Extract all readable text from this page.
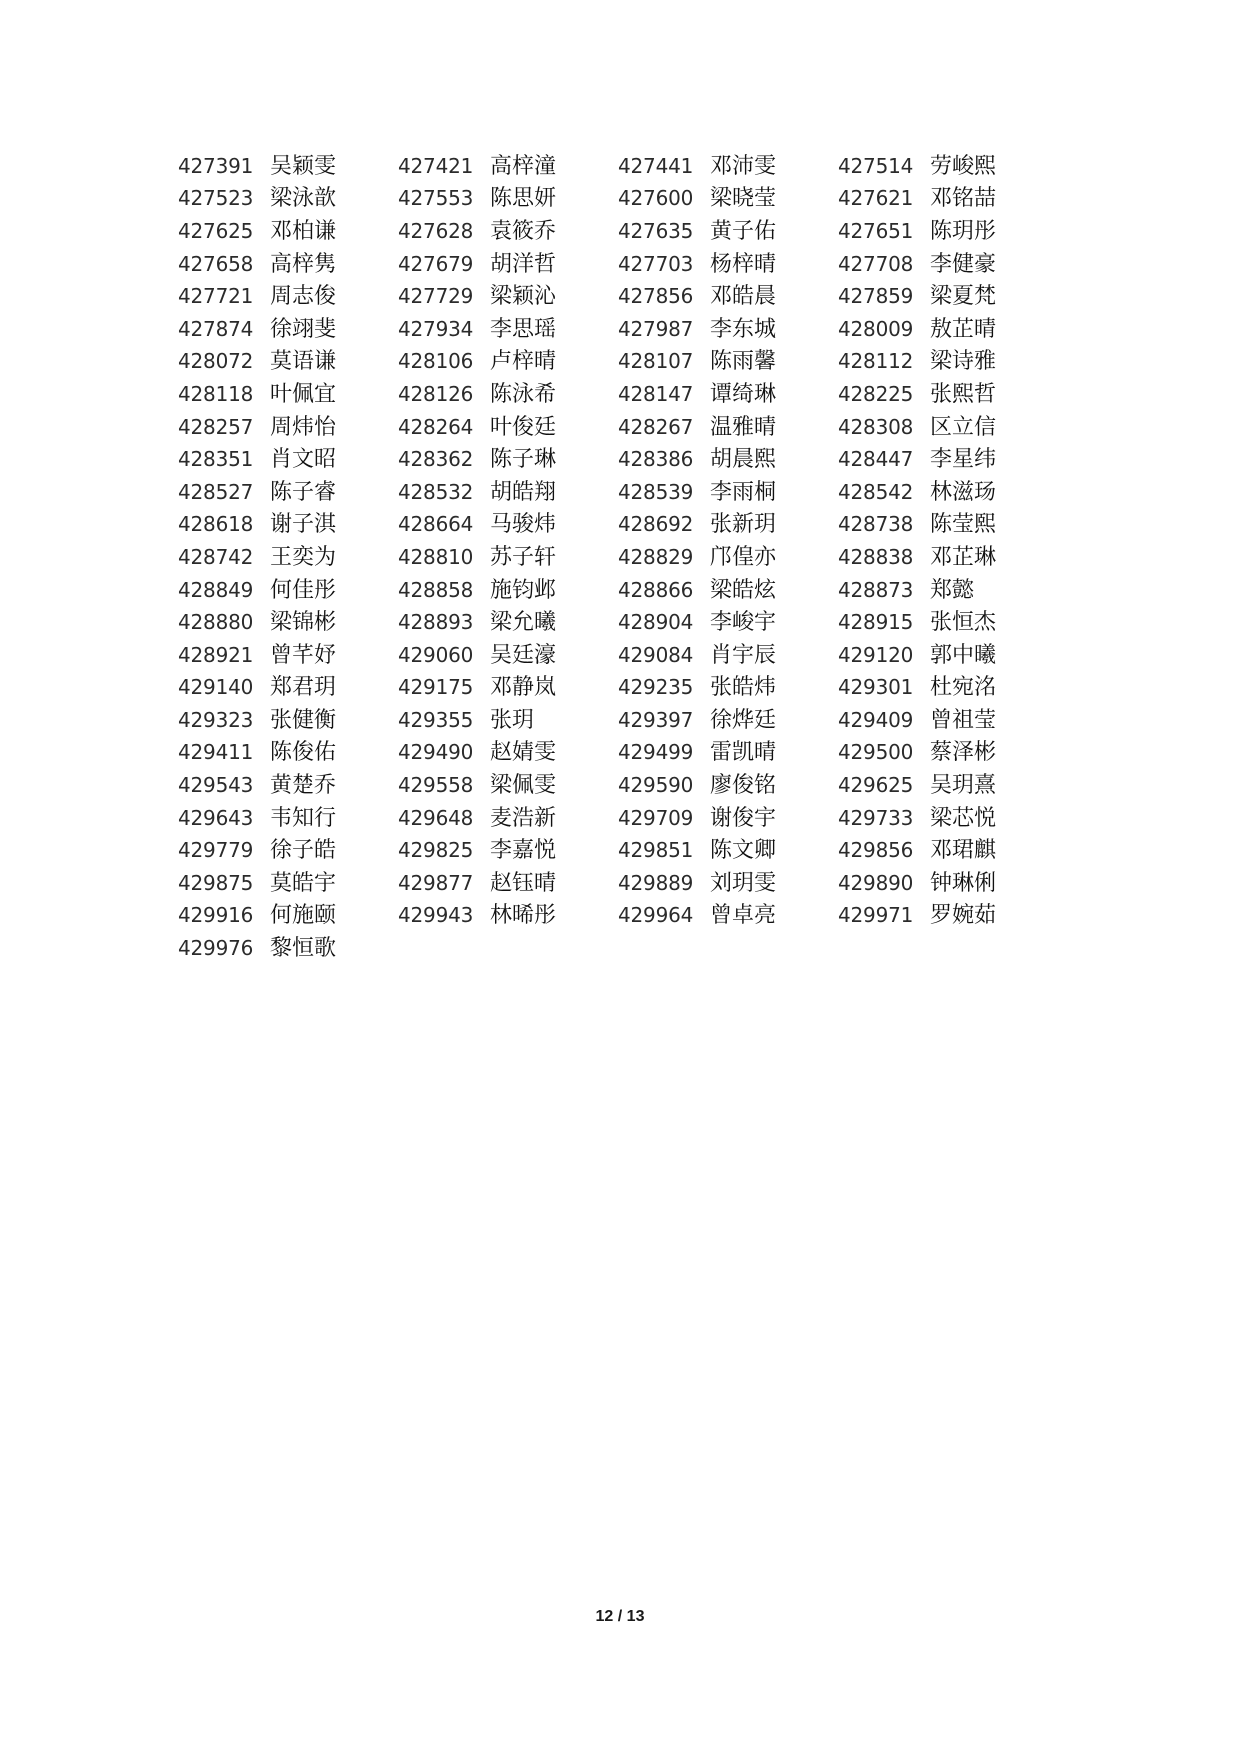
427391 吴颖雯	427421 高梓潼	427441 邓沛雯	427514 劳峻熙
427523 梁泳歆	427553 陈思妍	427600 梁晓莹	427621 邓铭喆
427625 邓柏谦	427628 袁筱乔	427635 黄子佑	427651 陈玥彤
427658 高梓隽	427679 胡洋哲	427703 杨梓晴	427708 李健豪
427721 周志俊	427729 梁颖沁	427856 邓皓晨	427859 梁夏梵
427874 徐翊斐	427934 李思瑶	427987 李东城	428009 敖芷晴
428072 莫语谦	428106 卢梓晴	428107 陈雨馨	428112 梁诗雅
428118 叶佩宜	428126 陈泳希	428147 谭绮琳	428225 张熙哲
428257 周炜怡	428264 叶俊廷	428267 温雅晴	428308 区立信
428351 肖文昭	428362 陈子琳	428386 胡晨熙	428447 李星纬
428527 陈子睿	428532 胡皓翔	428539 李雨桐	428542 林滋玚
428618 谢子淇	428664 马骏炜	428692 张新玥	428738 陈莹熙
428742 王奕为	428810 苏子轩	428829 邝偟亦	428838 邓芷琳
428849 何佳彤	428858 施钧邺	428866 梁皓炫	428873 郑懿
428880 梁锦彬	428893 梁允曦	428904 李峻宇	428915 张恒杰
428921 曾芊妤	429060 吴廷濠	429084 肖宇辰	429120 郭中曦
429140 郑君玥	429175 邓静岚	429235 张皓炜	429301 杜宛洺
429323 张健衡	429355 张玥	429397 徐烨廷	429409 曾祖莹
429411 陈俊佑	429490 赵婧雯	429499 雷凯晴	429500 蔡泽彬
429543 黄楚乔	429558 梁佩雯	429590 廖俊铭	429625 吴玥熹
429643 韦知行	429648 麦浩新	429709 谢俊宇	429733 梁芯悦
429779 徐子皓	429825 李嘉悦	429851 陈文卿	429856 邓珺麒
429875 莫皓宇	429877 赵钰晴	429889 刘玥雯	429890 钟琳俐
429916 何施颐	429943 林晞彤	429964 曾卓亮	429971 罗婉茹
429976 黎恒歌
12 / 13
